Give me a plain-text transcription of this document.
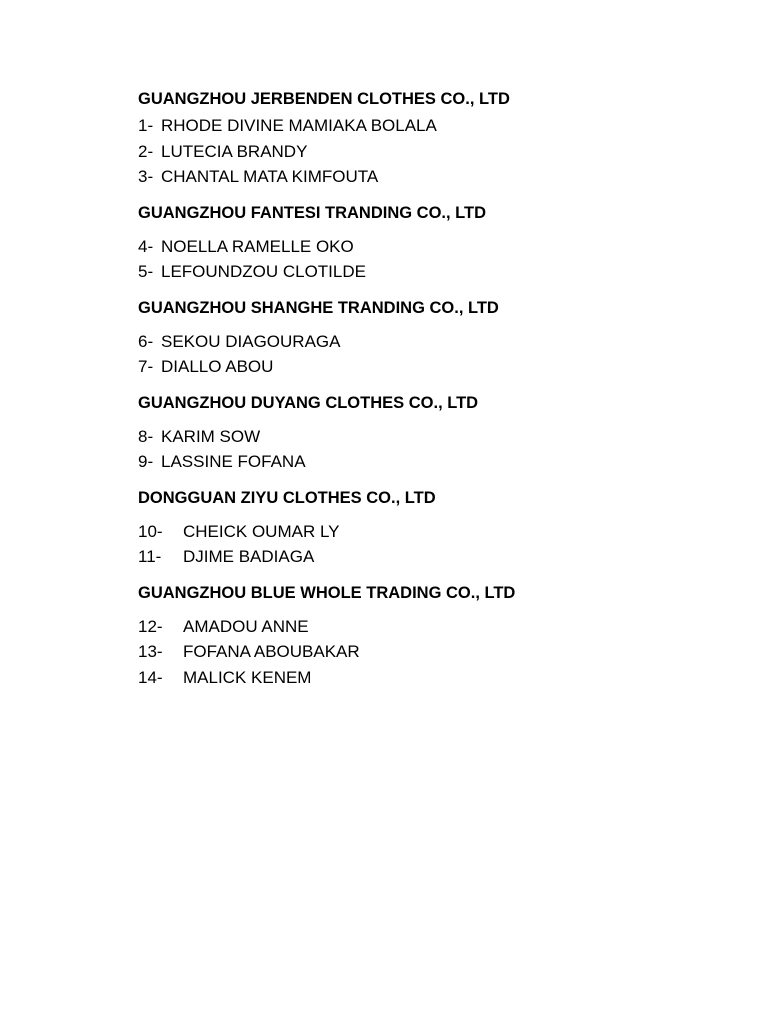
GUANGZHOU JERBENDEN CLOTHES CO., LTD
1- RHODE DIVINE MAMIAKA BOLALA
2- LUTECIA BRANDY
3- CHANTAL MATA KIMFOUTA
GUANGZHOU FANTESI TRANDING CO., LTD
4- NOELLA RAMELLE OKO
5- LEFOUNDZOU CLOTILDE
GUANGZHOU SHANGHE TRANDING CO., LTD
6- SEKOU DIAGOURAGA
7- DIALLO ABOU
GUANGZHOU DUYANG CLOTHES CO., LTD
8- KARIM SOW
9- LASSINE FOFANA
DONGGUAN ZIYU CLOTHES CO., LTD
10-	CHEICK OUMAR LY
11-	DJIME BADIAGA
GUANGZHOU BLUE WHOLE TRADING CO., LTD
12-	AMADOU ANNE
13-	FOFANA ABOUBAKAR
14-	MALICK KENEM
